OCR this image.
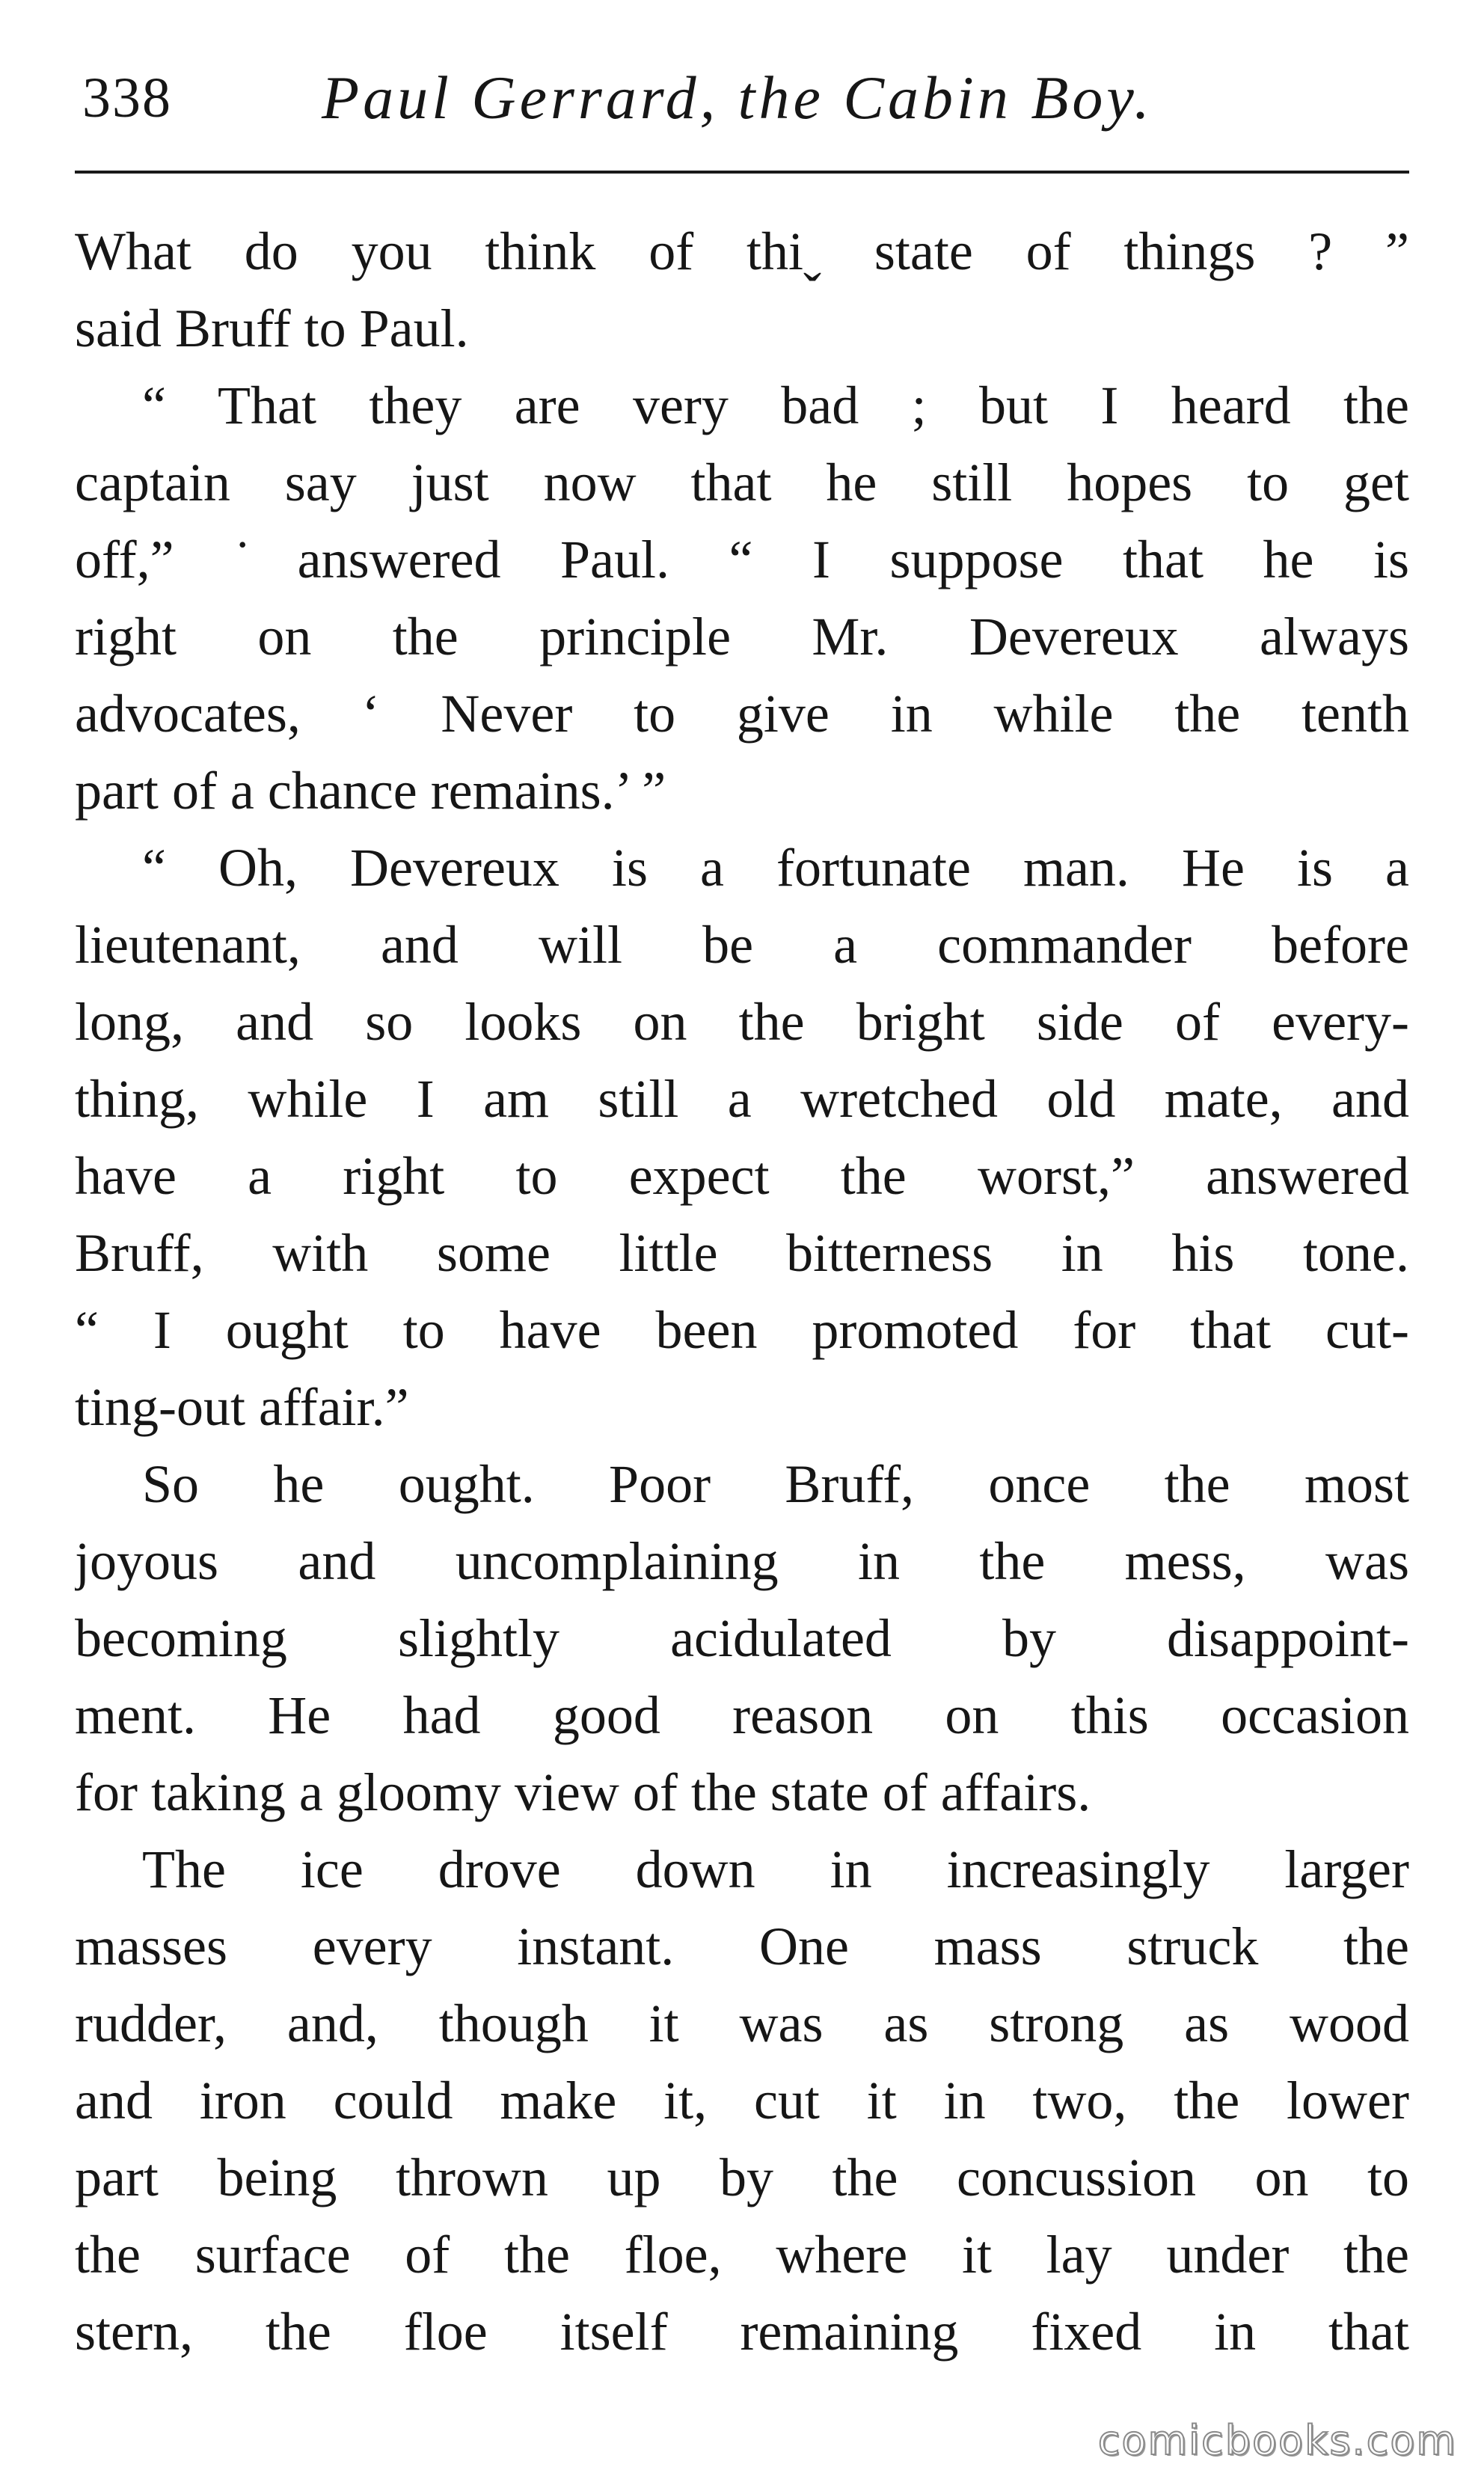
338 Paul Gerrard, the Cabin Boy.
What do you think of thiˬ state of things ? ”
said Bruff to Paul.
“ That they are very bad ; but I heard the
captain say just now that he still hopes to get
off,” ˙answered Paul. “ I suppose that he is
right on the principle Mr. Devereux always
advocates, ‘ Never to give in while the tenth
part of a chance remains.’ ”
“ Oh, Devereux is a fortunate man. He is a
lieutenant, and will be a commander before
long, and so looks on the bright side of every-
thing, while I am still a wretched old mate, and
have a right to expect the worst,” answered
Bruff, with some little bitterness in his tone.
“ I ought to have been promoted for that cut-
ting-out affair.”
So he ought. Poor Bruff, once the most
joyous and uncomplaining in the mess, was
becoming slightly acidulated by disappoint-
ment. He had good reason on this occasion
for taking a gloomy view of the state of affairs.
The ice drove down in increasingly larger
masses every instant. One mass struck the
rudder, and, though it was as strong as wood
and iron could make it, cut it in two, the lower
part being thrown up by the concussion on to
the surface of the floe, where it lay under the
stern, the floe itself remaining fixed in that
comicbooks.com
